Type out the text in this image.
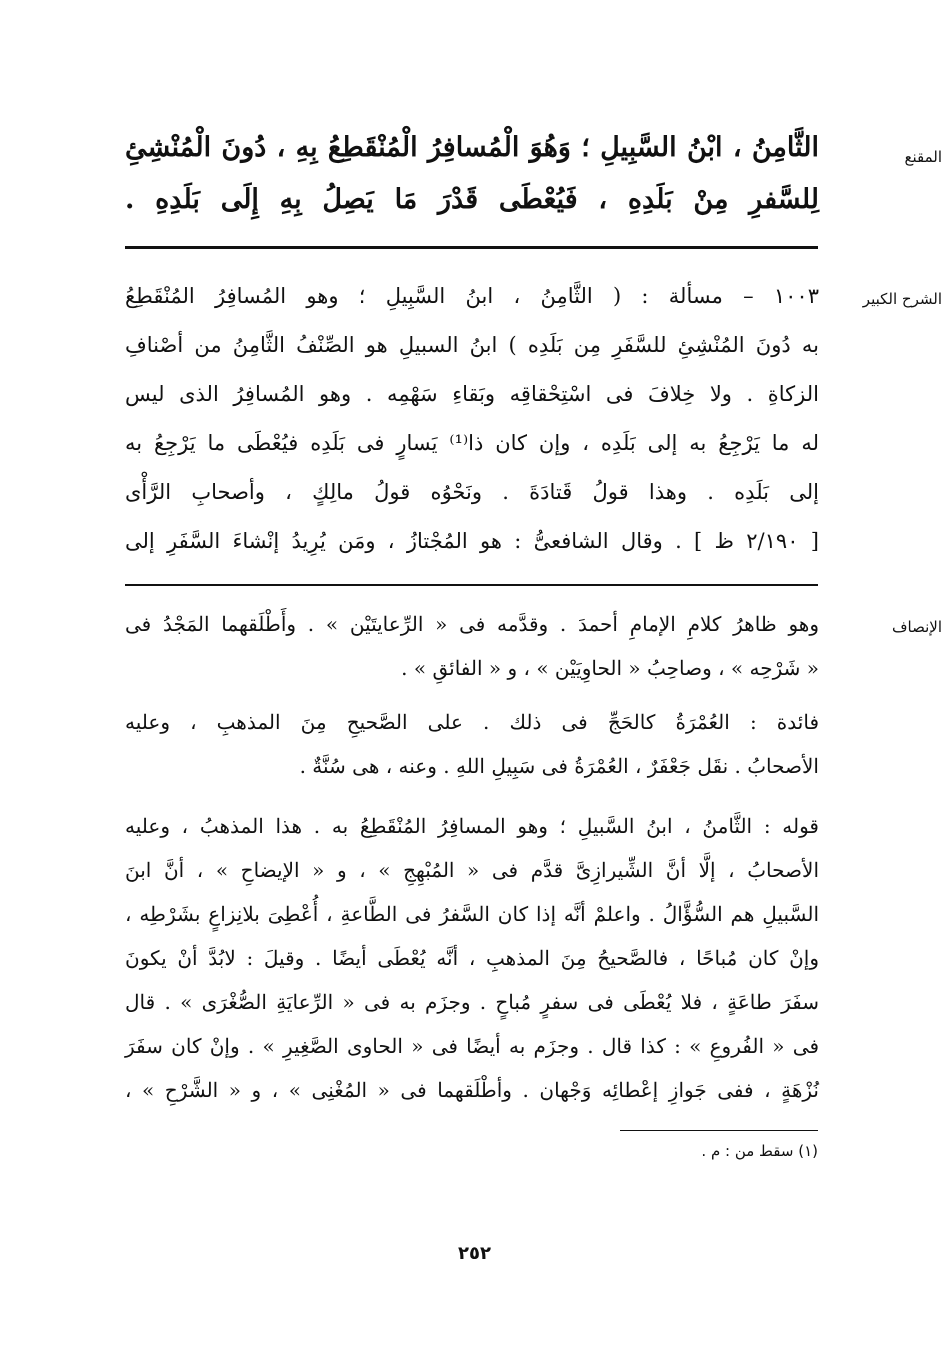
المقنع
الثَّامِنُ ، ابْنُ السَّبِيلِ ؛ وَهُوَ الْمُسافِرُ الْمُنْقَطِعُ بِهِ ، دُونَ الْمُنْشِئِ
لِلسَّفرِ مِنْ بَلَدِهِ ، فَيُعْطَى قَدْرَ مَا يَصِلُ بِهِ إِلَى بَلَدِهِ .
الشرح الكبير
١٠٠٣ – مسألة : ( الثَّامِنُ ، ابنُ السَّبِيلِ ؛ وهو المُسافِرُ المُنْقَطِعُ
به دُونَ المُنْشِئِ للسَّفَرِ مِن بَلَدِه ) ابنُ السبيلِ هو الصِّنْفُ الثَّامِنُ من أصْنافِ
الزكاةِ . ولا خِلافَ فى اسْتِحْقاقِه وبَقاءِ سَهْمِه . وهو المُسافِرُ الذى ليس
له ما يَرْجِعُ به إلى بَلَدِه ، وإن كان ذا⁽¹⁾ يَسارٍ فى بَلَدِه فيُعْطَى ما يَرْجِعُ به
إلى بَلَدِه . وهذا قولُ قَتادَةَ . ونَحْوُه قولُ مالِكٍ ، وأصحابِ الرَّأْى
[ ٢/١٩٠ ظ ] . وقال الشافعىُّ : هو المُجْتازُ ، ومَن يُرِيدُ إنْشاءَ السَّفَرِ إلى
الإنصاف
وهو ظاهرُ كلامِ الإمامِ أحمدَ . وقدَّمه فى « الرِّعايتَيْن » . وأَطْلَقهما المَجْدُ فى
« شَرْحِه » ، وصاحِبُ « الحاوِيَيْن » ، و « الفائقِ » .
فائدة : العُمْرَةُ كالحَجِّ فى ذلك . على الصَّحيحِ مِنَ المذهبِ ، وعليه
الأصحابُ . نقَل جَعْفَرٌ ، العُمْرَةُ فى سَبِيلِ اللهِ . وعنه ، هى سُنَّةٌ .
قوله : الثَّامنُ ، ابنُ السَّبيلِ ؛ وهو المسافِرُ المُنْقَطِعُ به . هذا المذهبُ ، وعليه
الأصحابُ ، إلَّا أنَّ الشِّيرازِىَّ قدَّم فى « المُبْهِجِ » ، و « الإيضاحِ » ، أنَّ ابنَ
السَّبيلِ هم السُّؤَّالُ . واعلمْ أنَّه إذا كان السَّفرُ فى الطَّاعةِ ، أُعْطِىَ بلانِزاعٍ بشَرْطِه ،
وإنْ كان مُباحًا ، فالصَّحيحُ مِنَ المذهبِ ، أنَّه يُعْطَى أيضًا . وقيلَ : لابُدَّ أنْ يكونَ
سفَرَ طاعَةٍ ، فلا يُعْطَى فى سفرٍ مُباحٍ . وجزَم به فى « الرِّعايَةِ الصُّغْرَى » . قال
فى « الفُروعِ » : كذا قال . وجزَم به أيضًا فى « الحاوى الصَّغِيرِ » . وإنْ كان سفَرَ
نُزْهَةٍ ، ففى جَوازِ إعْطائِه وَجْهان . وأطْلَقهما فى « المُغْنِى » ، و « الشَّرْحِ » ،
(١) سقط من : م .
٢٥٢
